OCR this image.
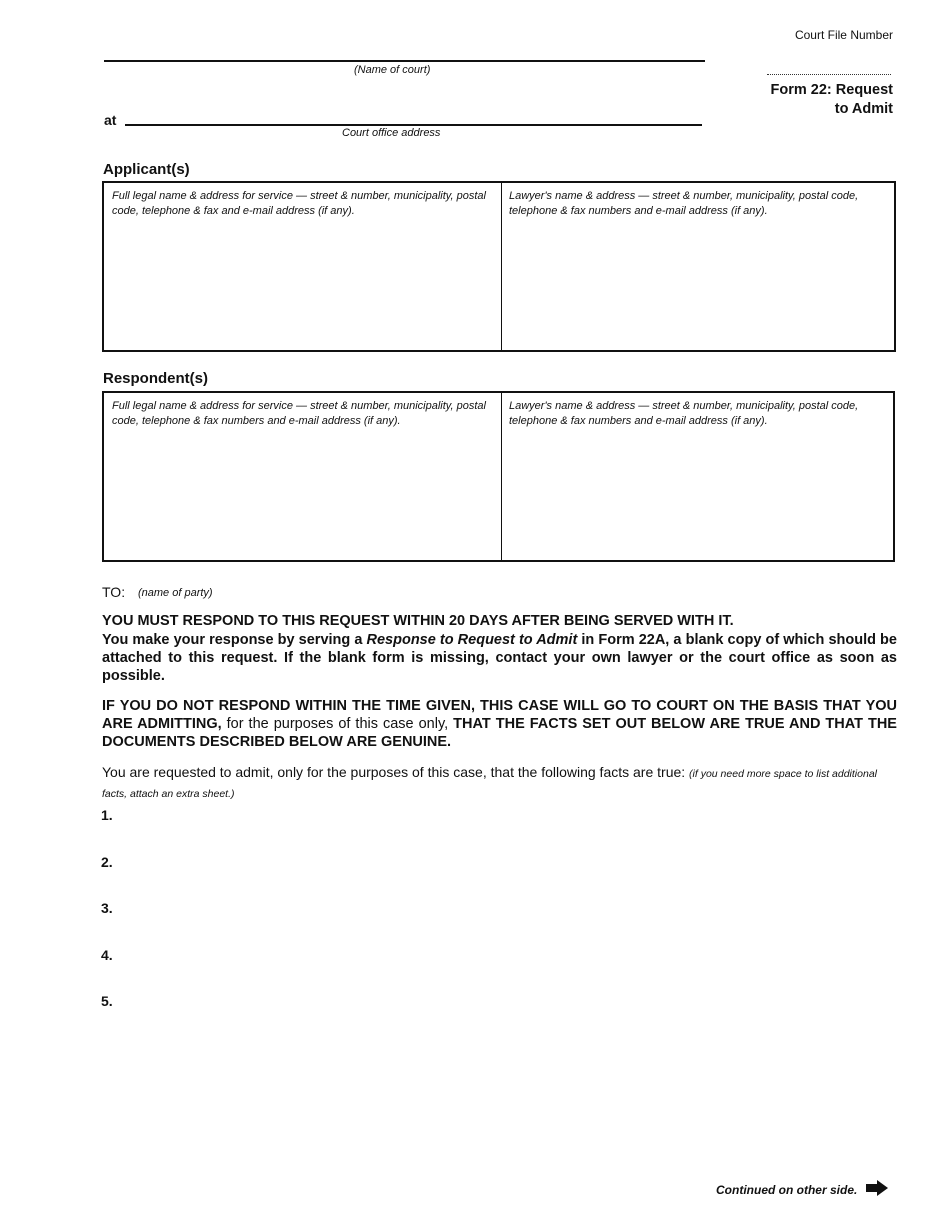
Court File Number
Form 22: Request
to Admit
(Name of court)
at
Court office address
Applicant(s)
Full legal name & address for service — street & number, municipality, postal code, telephone & fax and e-mail address (if any).
Lawyer's name & address — street & number, municipality, postal code, telephone & fax numbers and e-mail address (if any).
Respondent(s)
Full legal name & address for service — street & number, municipality, postal code, telephone & fax numbers and e-mail address (if any).
Lawyer's name & address — street & number, municipality, postal code, telephone & fax numbers and e-mail address (if any).
TO: (name of party)
YOU MUST RESPOND TO THIS REQUEST WITHIN 20 DAYS AFTER BEING SERVED WITH IT.
You make your response by serving a Response to Request to Admit in Form 22A, a blank copy of which should be attached to this request. If the blank form is missing, contact your own lawyer or the court office as soon as possible.
IF YOU DO NOT RESPOND WITHIN THE TIME GIVEN, THIS CASE WILL GO TO COURT ON THE BASIS THAT YOU ARE ADMITTING, for the purposes of this case only, THAT THE FACTS SET OUT BELOW ARE TRUE AND THAT THE DOCUMENTS DESCRIBED BELOW ARE GENUINE.
You are requested to admit, only for the purposes of this case, that the following facts are true: (if you need more space to list additional facts, attach an extra sheet.)
1.
2.
3.
4.
5.
Continued on other side.
